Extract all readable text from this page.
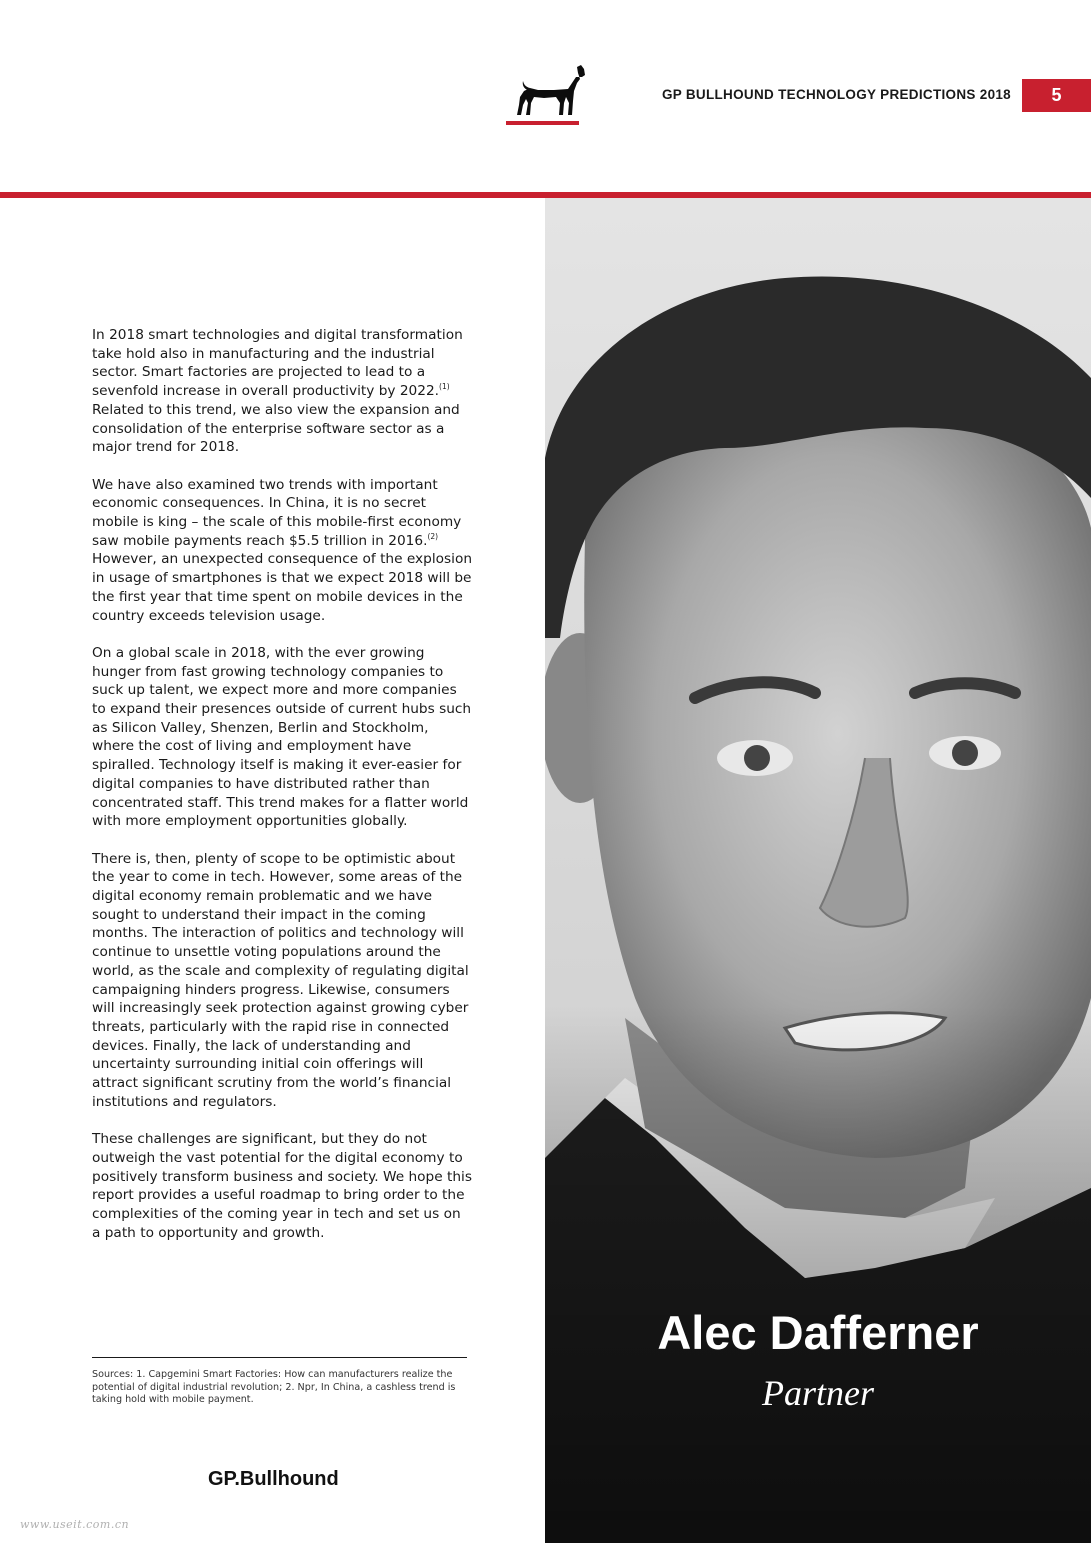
GP BULLHOUND TECHNOLOGY PREDICTIONS 2018	5

In 2018 smart technologies and digital transformation take hold also in manufacturing and the industrial sector. Smart factories are projected to lead to a sevenfold increase in overall productivity by 2022.$^{(1)}$ Related to this trend, we also view the expansion and consolidation of the enterprise software sector as a major trend for 2018.

We have also examined two trends with important economic consequences. In China, it is no secret mobile is king – the scale of this mobile-first economy saw mobile payments reach $5.5 trillion in 2016.$^{(2)}$ However, an unexpected consequence of the explosion in usage of smartphones is that we expect 2018 will be the first year that time spent on mobile devices in the country exceeds television usage.

On a global scale in 2018, with the ever growing hunger from fast growing technology companies to suck up talent, we expect more and more companies to expand their presences outside of current hubs such as Silicon Valley, Shenzen, Berlin and Stockholm, where the cost of living and employment have spiralled. Technology itself is making it ever-easier for digital companies to have distributed rather than concentrated staff. This trend makes for a flatter world with more employment opportunities globally.

There is, then, plenty of scope to be optimistic about the year to come in tech. However, some areas of the digital economy remain problematic and we have sought to understand their impact in the coming months. The interaction of politics and technology will continue to unsettle voting populations around the world, as the scale and complexity of regulating digital campaigning hinders progress. Likewise, consumers will increasingly seek protection against growing cyber threats, particularly with the rapid rise in connected devices. Finally, the lack of understanding and uncertainty surrounding initial coin offerings will attract significant scrutiny from the world’s financial institutions and regulators.

These challenges are significant, but they do not outweigh the vast potential for the digital economy to positively transform business and society. We hope this report provides a useful roadmap to bring order to the complexities of the coming year in tech and set us on a path to opportunity and growth.

Sources: 1. Capgemini Smart Factories: How can manufacturers realize the potential of digital industrial revolution; 2. Npr, In China, a cashless trend is taking hold with mobile payment.
GP.Bullhound
www.useit.com.cn
Alec Dafferner
Partner
